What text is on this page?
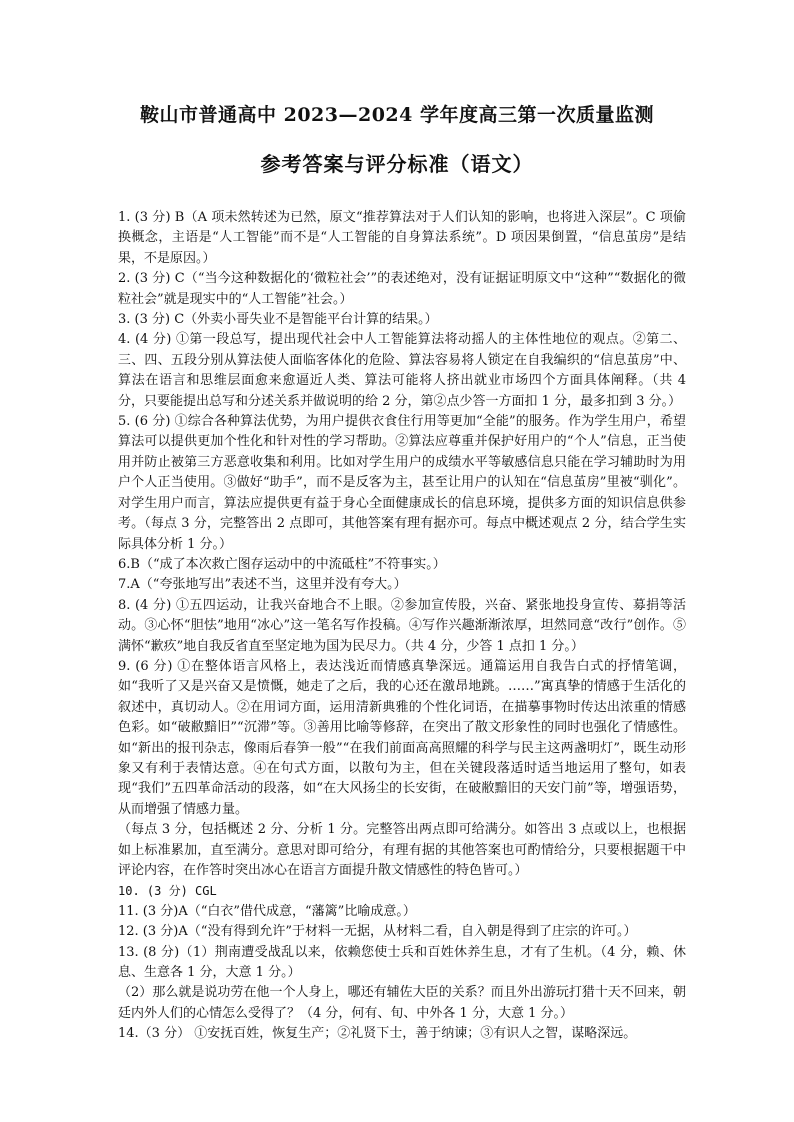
鞍山市普通高中 2023—2024 学年度高三第一次质量监测
参考答案与评分标准（语文）

1. (3 分) B（A 项未然转述为已然，原文“推荐算法对于人们认知的影响，也将进入深层”。C 项偷换概念，主语是“人工智能”而不是“人工智能的自身算法系统”。D 项因果倒置，“信息茧房”是结果，不是原因。）

2. (3 分) C（“当今这种数据化的‘微粒社会’”的表述绝对，没有证据证明原文中“这种”“数据化的微粒社会”就是现实中的“人工智能”社会。）

3. (3 分) C（外卖小哥失业不是智能平台计算的结果。）

4. (4 分) ①第一段总写，提出现代社会中人工智能算法将动摇人的主体性地位的观点。②第二、三、四、五段分别从算法使人面临客体化的危险、算法容易将人锁定在自我编织的“信息茧房”中、算法在语言和思维层面愈来愈逼近人类、算法可能将人挤出就业市场四个方面具体阐释。（共 4 分，只要能提出总写和分述关系并做说明的给 2 分，第②点少答一方面扣 1 分，最多扣到 3 分。）

5. (6 分) ①综合各种算法优势，为用户提供衣食住行用等更加“全能”的服务。作为学生用户，希望算法可以提供更加个性化和针对性的学习帮助。②算法应尊重并保护好用户的“个人”信息，正当使用并防止被第三方恶意收集和利用。比如对学生用户的成绩水平等敏感信息只能在学习辅助时为用户个人正当使用。③做好“助手”，而不是反客为主，甚至让用户的认知在“信息茧房”里被“驯化”。对学生用户而言，算法应提供更有益于身心全面健康成长的信息环境，提供多方面的知识信息供参考。（每点 3 分，完整答出 2 点即可，其他答案有理有据亦可。每点中概述观点 2 分，结合学生实际具体分析 1 分。）

6.B（“成了本次救亡图存运动中的中流砥柱”不符事实。）

7.A（“夸张地写出”表述不当，这里并没有夸大。）

8. (4 分) ①五四运动，让我兴奋地合不上眼。②参加宣传股，兴奋、紧张地投身宣传、募捐等活动。③心怀“胆怯”地用“冰心”这一笔名写作投稿。④写作兴趣渐渐浓厚，坦然同意“改行”创作。⑤满怀“歉疚”地自我反省直至坚定地为国为民尽力。（共 4 分，少答 1 点扣 1 分。）

9. (6 分) ①在整体语言风格上，表达浅近而情感真挚深远。通篇运用自我告白式的抒情笔调，如“我听了又是兴奋又是愤慨，她走了之后，我的心还在激昂地跳。……”寓真挚的情感于生活化的叙述中，真切动人。②在用词方面，运用清新典雅的个性化词语，在描摹事物时传达出浓重的情感色彩。如“破敝黯旧”“沉滞”等。③善用比喻等修辞，在突出了散文形象性的同时也强化了情感性。如“新出的报刊杂志，像雨后春笋一般”“在我们前面高高照耀的科学与民主这两盏明灯”，既生动形象又有利于表情达意。④在句式方面，以散句为主，但在关键段落适时适当地运用了整句，如表现“我们”五四革命活动的段落，如“在大风扬尘的长安街，在破敝黯旧的天安门前”等，增强语势，从而增强了情感力量。

（每点 3 分，包括概述 2 分、分析 1 分。完整答出两点即可给满分。如答出 3 点或以上，也根据如上标准累加，直至满分。意思对即可给分，有理有据的其他答案也可酌情给分，只要根据题干中评论内容，在作答时突出冰心在语言方面提升散文情感性的特色皆可。）

10. (3 分) CGL

11. (3 分)A（“白衣”借代成意，“藩篱”比喻成意。）

12. (3 分)A（“没有得到允许”于材料一无据，从材料二看，自入朝是得到了庄宗的许可。）

13. (8 分)（1）荆南遭受战乱以来，依赖您使士兵和百姓休养生息，才有了生机。（4 分，赖、休息、生意各 1 分，大意 1 分。）

（2）那么就是说功劳在他一个人身上，哪还有辅佐大臣的关系？而且外出游玩打猎十天不回来，朝廷内外人们的心情怎么受得了？（4 分，何有、旬、中外各 1 分，大意 1 分。）

14.（3 分） ①安抚百姓，恢复生产；②礼贤下士，善于纳谏；③有识人之智，谋略深远。
